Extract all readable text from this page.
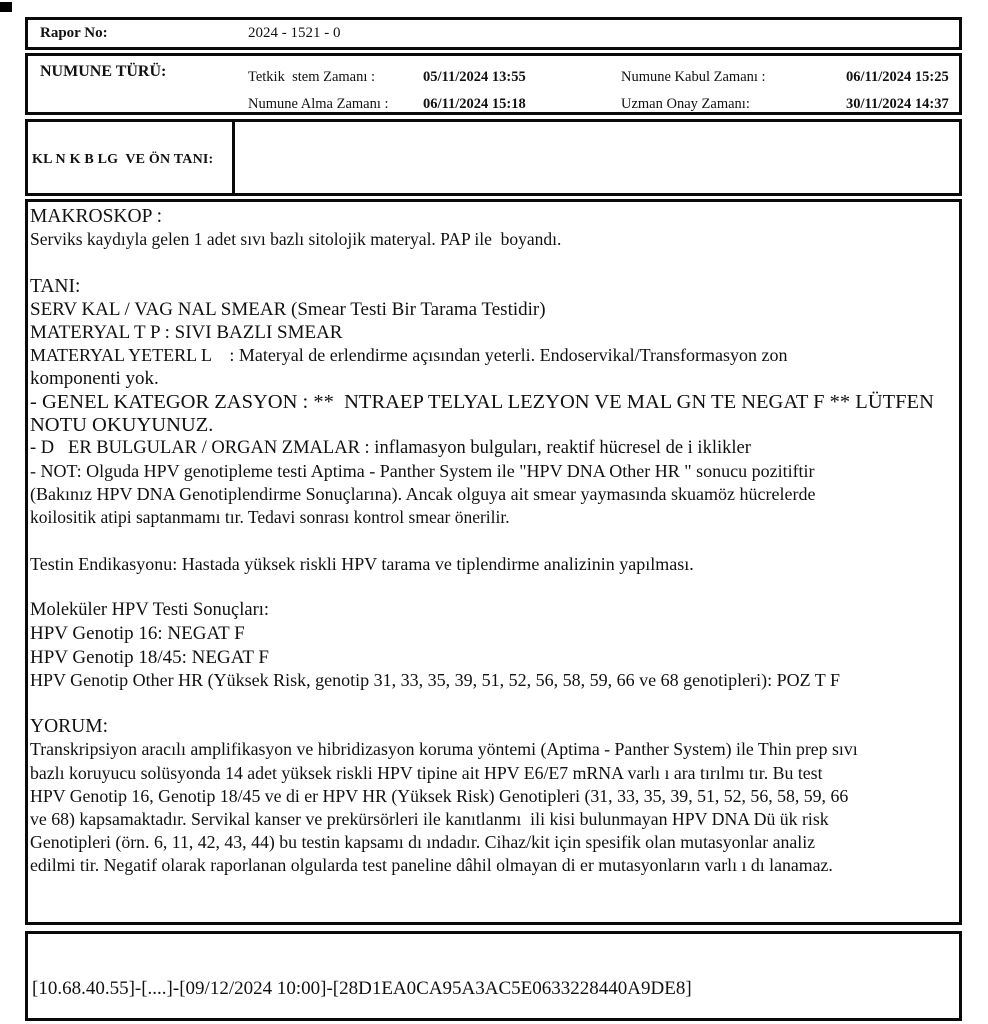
Rapor No:	2024 - 1521 - 0
NUMUNE TÜRÜ:	Tetkik  stem Zamanı :	05/11/2024 13:55	Numune Kabul Zamanı :	06/11/2024 15:25
Numune Alma Zamanı : 06/11/2024 15:18	Uzman Onay Zamanı:	30/11/2024 14:37
KL N K B LG  VE ÖN TANI:
MAKROSKOP :
Serviks kaydıyla gelen 1 adet sıvı bazlı sitolojik materyal. PAP ile  boyandı.
TANI:
SERV KAL / VAG NAL SMEAR (Smear Testi Bir Tarama Testidir)
MATERYAL T P : SIVI BAZLI SMEAR
MATERYAL YETERL L    : Materyal de erlendirme açısından yeterli. Endoservikal/Transformasyon zon
komponenti yok.
- GENEL KATEGOR ZASYON : **  NTRAEP TELYAL LEZYON VE MAL GN TE NEGAT F ** LÜTFEN
NOTU OKUYUNUZ.
- D   ER BULGULAR / ORGAN ZMALAR : inflamasyon bulguları, reaktif hücresel de i iklikler
- NOT: Olguda HPV genotipleme testi Aptima - Panther System ile "HPV DNA Other HR " sonucu pozitiftir
(Bakınız HPV DNA Genotiplendirme Sonuçlarına). Ancak olguya ait smear yaymasında skuamöz hücrelerde
koilositik atipi saptanmamı tır. Tedavi sonrası kontrol smear önerilir.
Testin Endikasyonu: Hastada yüksek riskli HPV tarama ve tiplendirme analizinin yapılması.
Moleküler HPV Testi Sonuçları:
HPV Genotip 16: NEGAT F
HPV Genotip 18/45: NEGAT F
HPV Genotip Other HR (Yüksek Risk, genotip 31, 33, 35, 39, 51, 52, 56, 58, 59, 66 ve 68 genotipleri): POZ T F
YORUM:
Transkripsiyon aracılı amplifikasyon ve hibridizasyon koruma yöntemi (Aptima - Panther System) ile Thin prep sıvı
bazlı koruyucu solüsyonda 14 adet yüksek riskli HPV tipine ait HPV E6/E7 mRNA varlı ı ara tırılmı tır. Bu test
HPV Genotip 16, Genotip 18/45 ve di er HPV HR (Yüksek Risk) Genotipleri (31, 33, 35, 39, 51, 52, 56, 58, 59, 66
ve 68) kapsamaktadır. Servikal kanser ve prekürsörleri ile kanıtlanmı  ili kisi bulunmayan HPV DNA Dü ük risk
Genotipleri (örn. 6, 11, 42, 43, 44) bu testin kapsamı dı ındadır. Cihaz/kit için spesifik olan mutasyonlar analiz
edilmi tir. Negatif olarak raporlanan olgularda test paneline dâhil olmayan di er mutasyonların varlı ı dı lanamaz.
[10.68.40.55]-[....]-[09/12/2024 10:00]-[28D1EA0CA95A3AC5E0633228440A9DE8]
